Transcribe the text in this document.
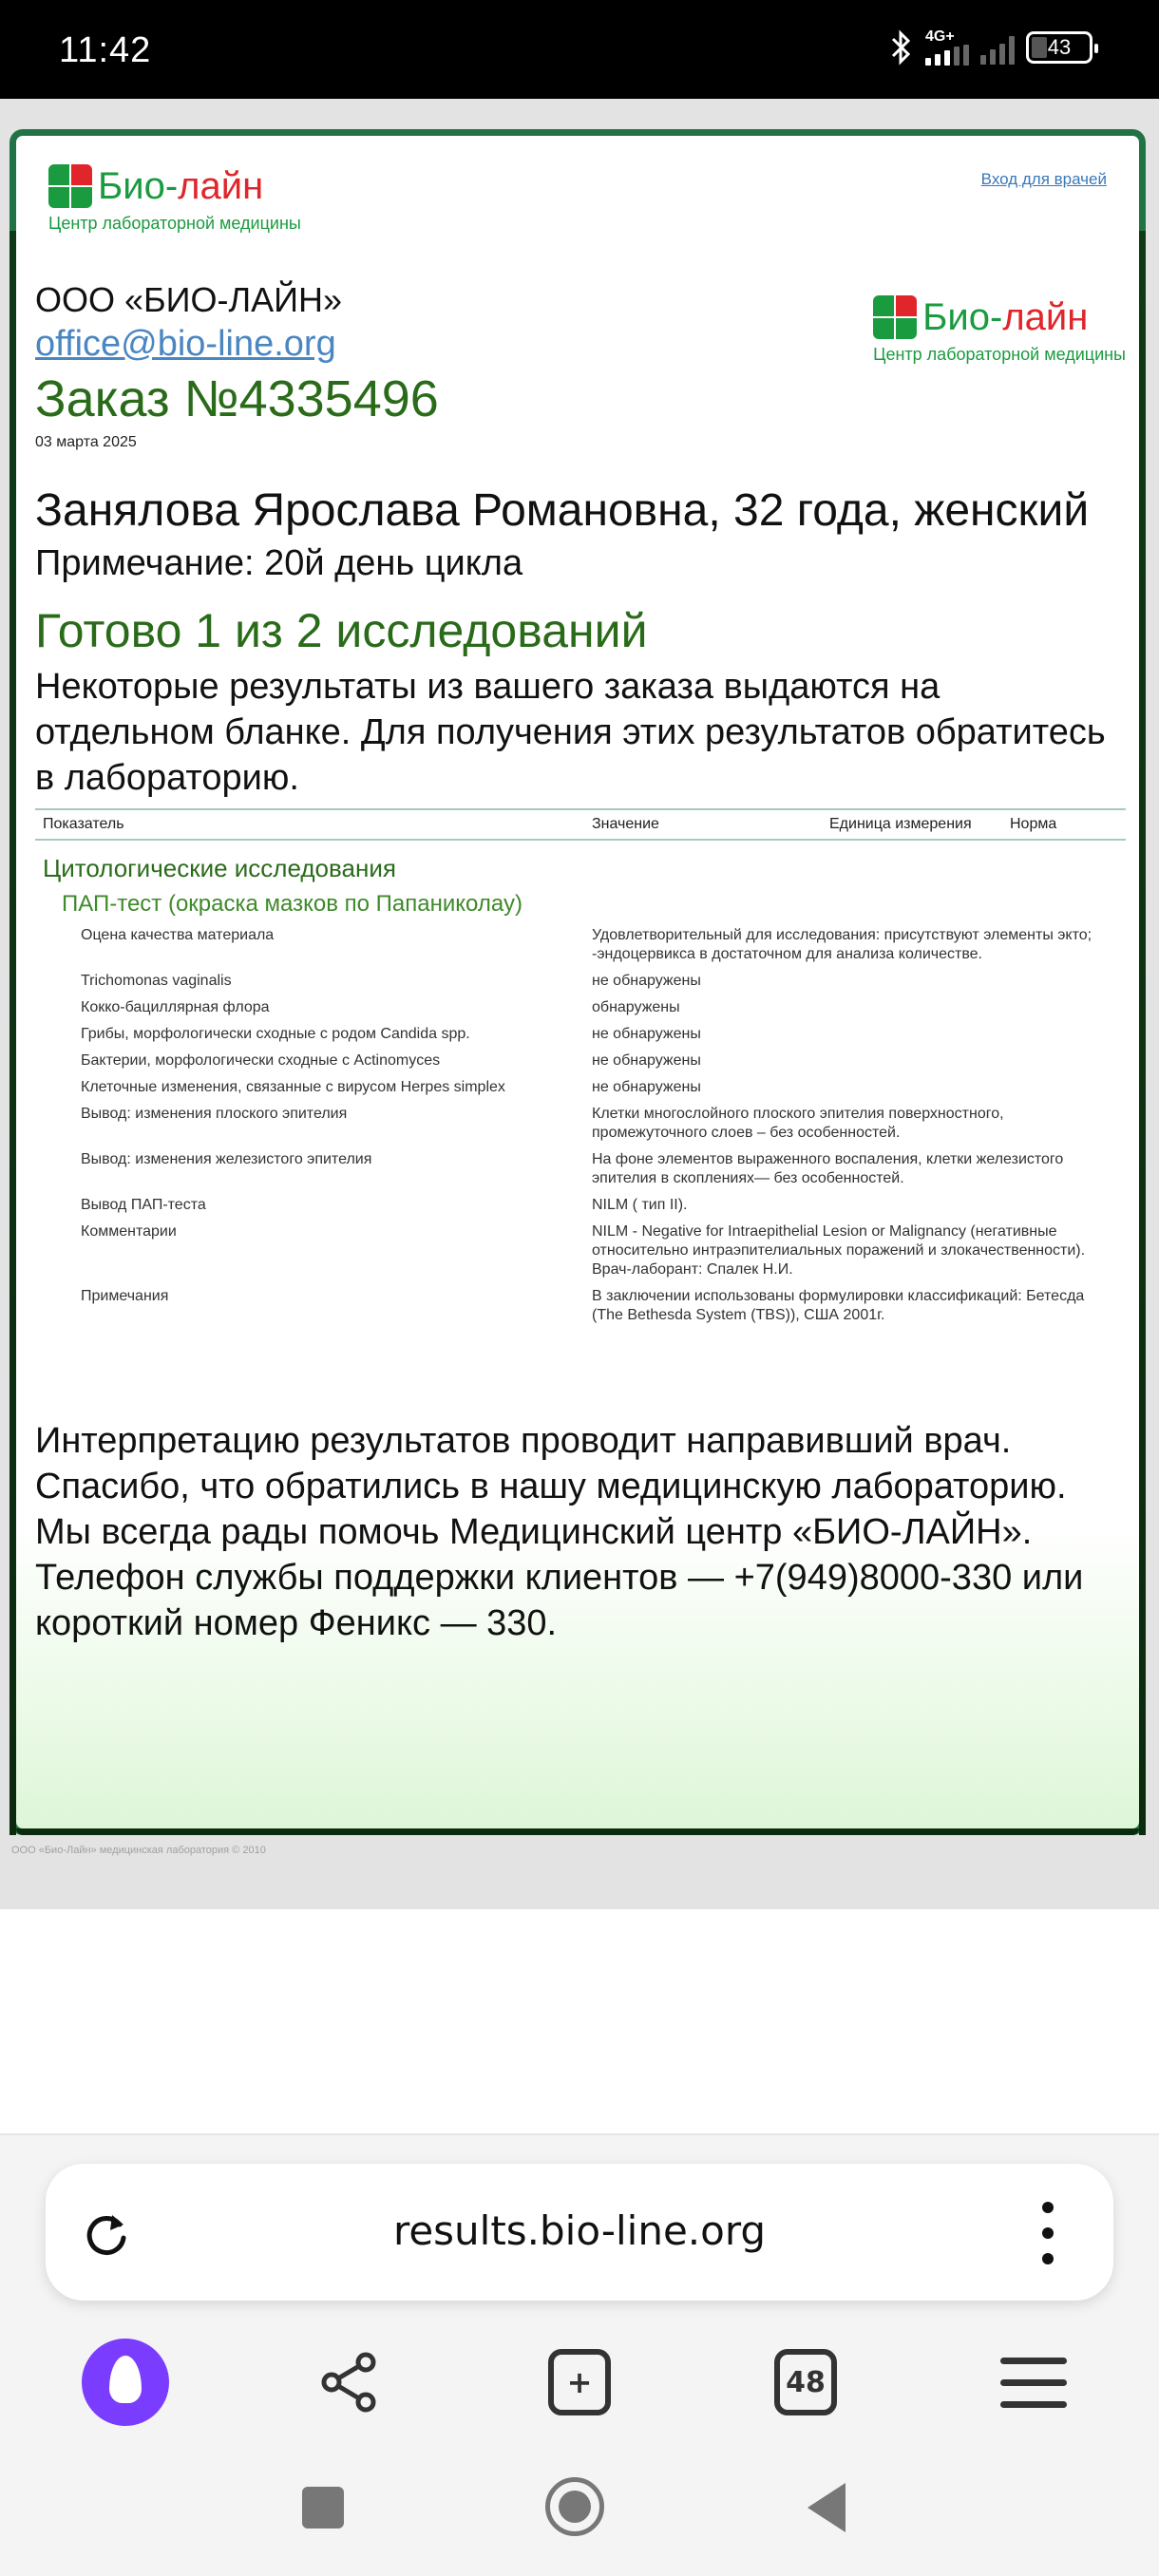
11:42	4G+	43
Био-лайн
Центр лабораторной медицины
Вход для врачей
Био-лайн
Центр лабораторной медицины
ООО «БИО-ЛАЙН»
office@bio-line.org
Заказ №4335496
03 марта 2025
Занялова Ярослава Романовна, 32 года, женский
Примечание: 20й день цикла
Готово 1 из 2 исследований
Некоторые результаты из вашего заказа выдаются на отдельном бланке. Для получения этих результатов обратитесь в лабораторию.
Показатель	Значение	Единица измерения	Норма
Цитологические исследования			
ПАП-тест (окраска мазков по Папаниколау)			
Оцена качества материала	Удовлетворительный для исследования: присутствуют элементы экто; -эндоцервикса в достаточном для анализа количестве.		
Trichomonas vaginalis	не обнаружены		
Кокко-бациллярная флора	обнаружены		
Грибы, морфологически сходные с родом Candida spp.	не обнаружены		
Бактерии, морфологически сходные с Actinomyces	не обнаружены		
Клеточные изменения, связанные с вирусом Herpes simplex	не обнаружены		
Вывод: изменения плоского эпителия	Клетки многослойного плоского эпителия поверхностного, промежуточного слоев – без особенностей.		
Вывод: изменения железистого эпителия	На фоне элементов выраженного воспаления, клетки железистого эпителия в скоплениях— без особенностей.		
Вывод ПАП-теста	NILM ( тип II).		
Комментарии	NILM - Negative for Intraepithelial Lesion or Malignancy (негативные относительно интраэпителиальных поражений и злокачественности). Врач-лаборант: Спалек Н.И.		
Примечания	В заключении использованы формулировки классификаций: Бетесда (The Bethesda System (TBS)), США 2001г.		
Интерпретацию результатов проводит направивший врач. Спасибо, что обратились в нашу медицинскую лабораторию. Мы всегда рады помочь Медицинский центр «БИО-ЛАЙН».
Телефон службы поддержки клиентов — +7(949)8000-330 или короткий номер Феникс — 330.
ООО «Био-Лайн» медицинская лаборатория © 2010
results.bio-line.org
+	48
